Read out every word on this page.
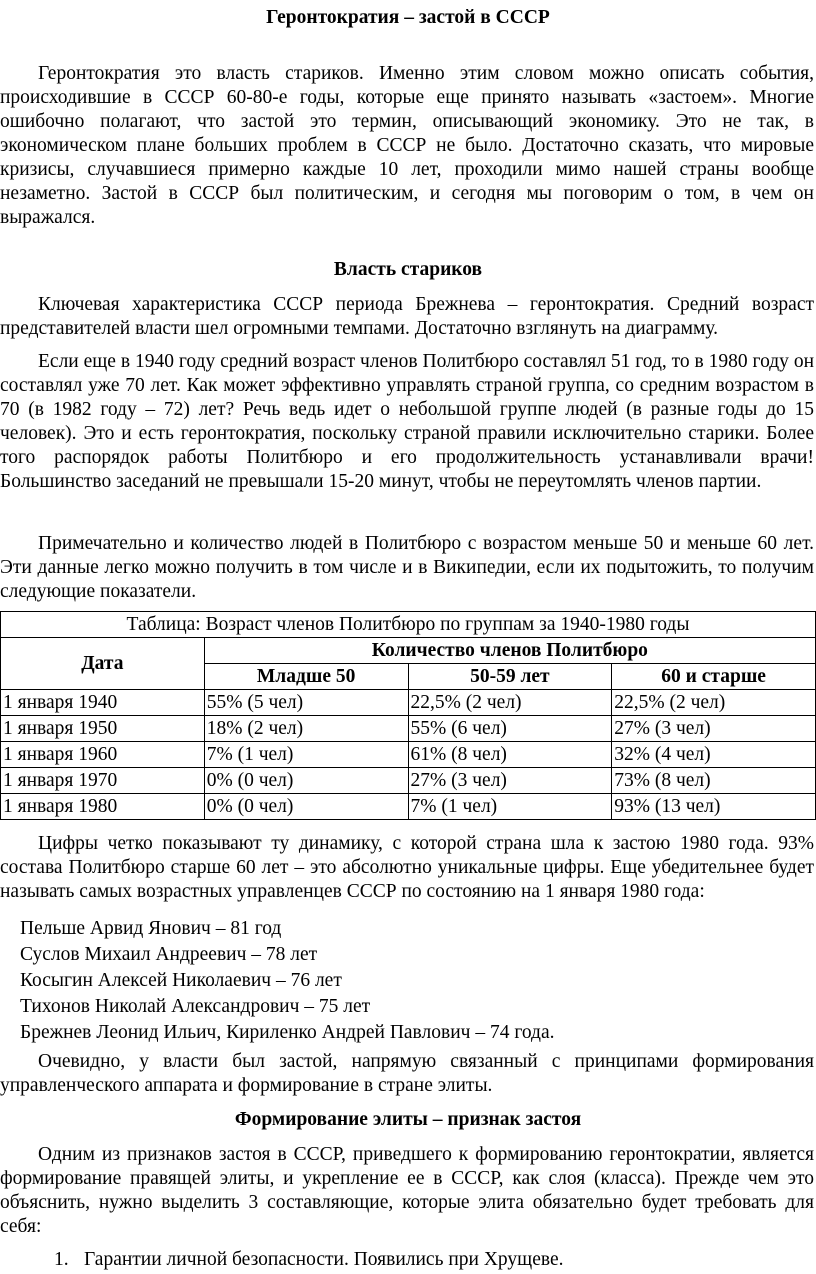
Геронтократия – застой в СССР

Геронтократия это власть стариков. Именно этим словом можно описать события, происходившие в СССР 60-80-е годы, которые еще принято называть «застоем». Многие ошибочно полагают, что застой это термин, описывающий экономику. Это не так, в экономическом плане больших проблем в СССР не было. Достаточно сказать, что мировые кризисы, случавшиеся примерно каждые 10 лет, проходили мимо нашей страны вообще незаметно. Застой в СССР был политическим, и сегодня мы поговорим о том, в чем он выражался.

Власть стариков

Ключевая характеристика СССР периода Брежнева – геронтократия. Средний возраст представителей власти шел огромными темпами. Достаточно взглянуть на диаграмму.

Если еще в 1940 году средний возраст членов Политбюро составлял 51 год, то в 1980 году он составлял уже 70 лет. Как может эффективно управлять страной группа, со средним возрастом в 70 (в 1982 году – 72) лет? Речь ведь идет о небольшой группе людей (в разные годы до 15 человек). Это и есть геронтократия, поскольку страной правили исключительно старики. Более того распорядок работы Политбюро и его продолжительность устанавливали врачи! Большинство заседаний не превышали 15-20 минут, чтобы не переутомлять членов партии.

Примечательно и количество людей в Политбюро с возрастом меньше 50 и меньше 60 лет. Эти данные легко можно получить в том числе и в Википедии, если их подытожить, то получим следующие показатели.

Таблица: Возраст членов Политбюро по группам за 1940-1980 годы			
Дата	Количество членов Политбюро		
	Младше 50	50-59 лет	60 и старше
1 января 1940	55% (5 чел)	22,5% (2 чел)	22,5% (2 чел)
1 января 1950	18% (2 чел)	55% (6 чел)	27% (3 чел)
1 января 1960	7% (1 чел)	61% (8 чел)	32% (4 чел)
1 января 1970	0% (0 чел)	27% (3 чел)	73% (8 чел)
1 января 1980	0% (0 чел)	7% (1 чел)	93% (13 чел)

Цифры четко показывают ту динамику, с которой страна шла к застою 1980 года. 93% состава Политбюро старше 60 лет – это абсолютно уникальные цифры. Еще убедительнее будет называть самых возрастных управленцев СССР по состоянию на 1 января 1980 года:

Пельше Арвид Янович – 81 год
Суслов Михаил Андреевич – 78 лет
Косыгин Алексей Николаевич – 76 лет
Тихонов Николай Александрович – 75 лет
Брежнев Леонид Ильич, Кириленко Андрей Павлович – 74 года.

Очевидно, у власти был застой, напрямую связанный с принципами формирования управленческого аппарата и формирование в стране элиты.

Формирование элиты – признак застоя

Одним из признаков застоя в СССР, приведшего к формированию геронтократии, является формирование правящей элиты, и укрепление ее в СССР, как слоя (класса). Прежде чем это объяснить, нужно выделить 3 составляющие, которые элита обязательно будет требовать для себя:

1. Гарантии личной безопасности. Появились при Хрущеве.
